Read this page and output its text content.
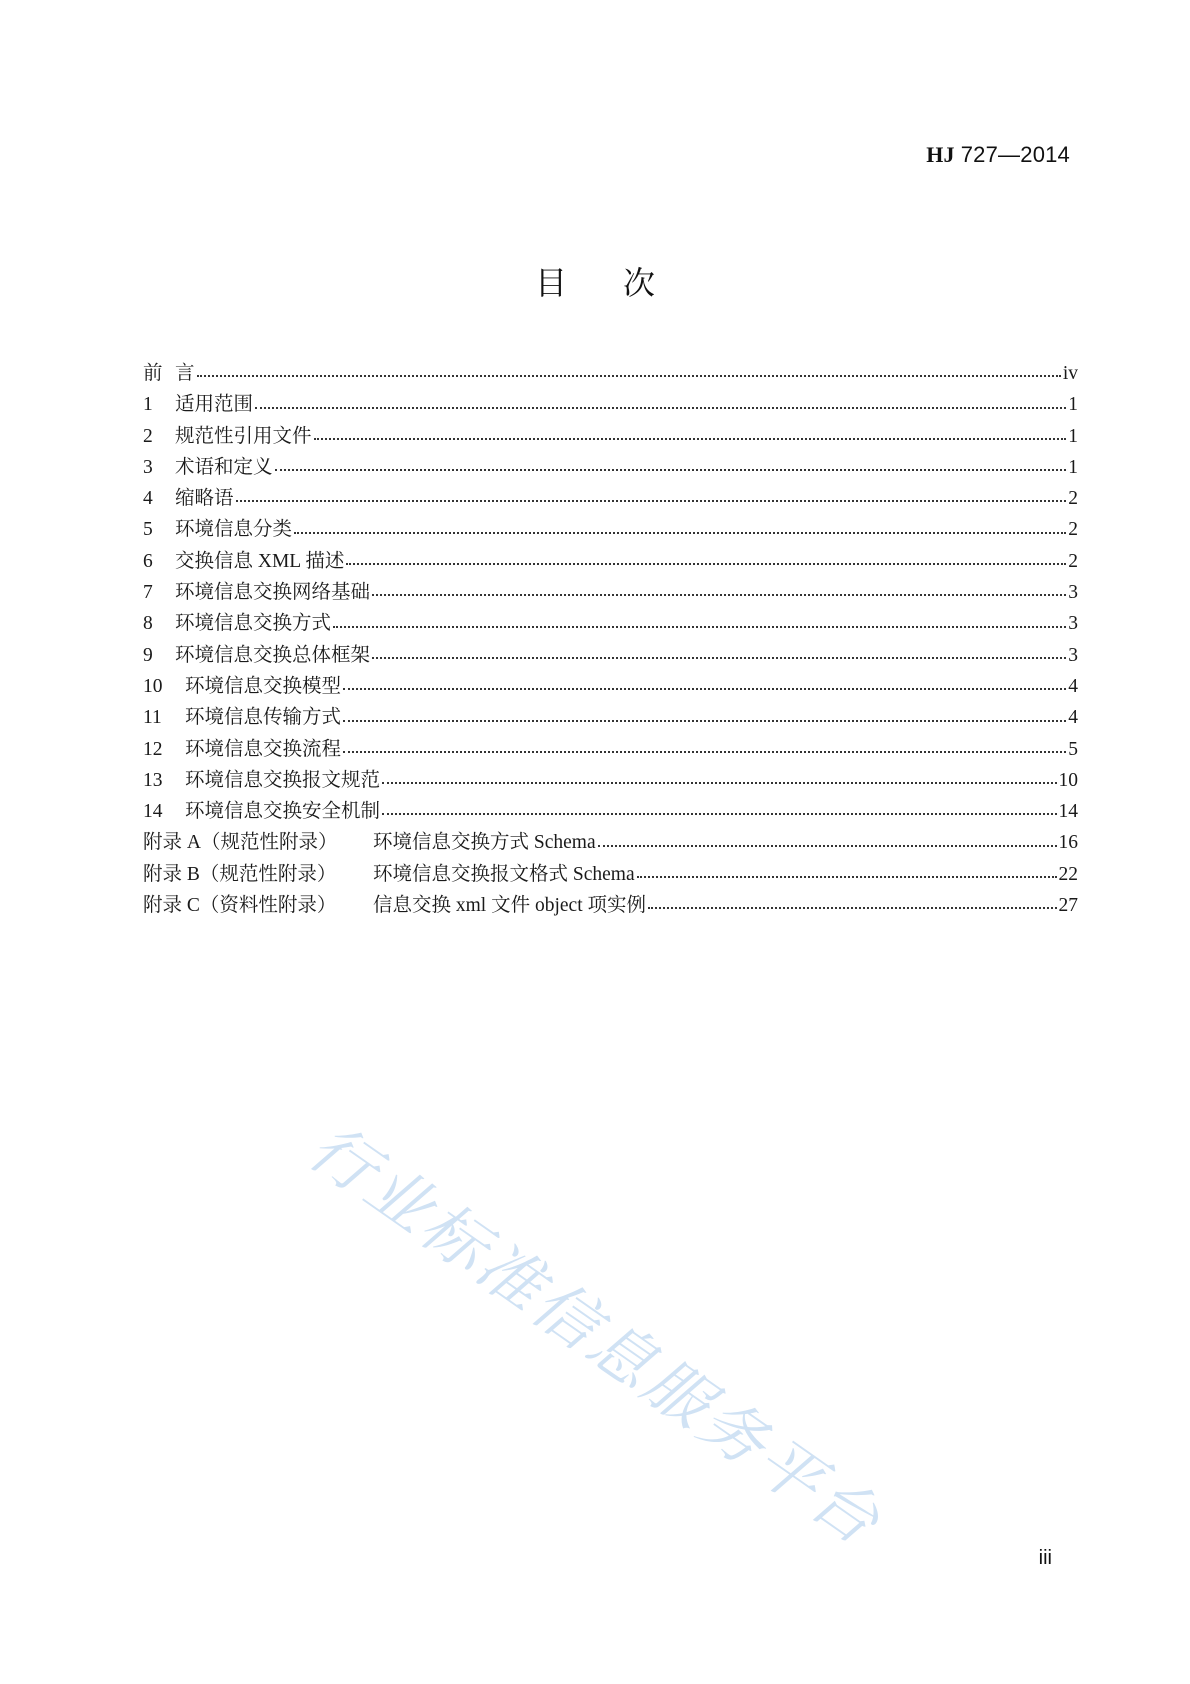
HJ 727—2014
目 次
前 言	iv
1	适用范围	1
2	规范性引用文件	1
3	术语和定义	1
4	缩略语	2
5	环境信息分类	2
6	交换信息 XML 描述	2
7	环境信息交换网络基础	3
8	环境信息交换方式	3
9	环境信息交换总体框架	3
10	环境信息交换模型	4
11	环境信息传输方式	4
12	环境信息交换流程	5
13	环境信息交换报文规范	10
14	环境信息交换安全机制	14
附录 A（规范性附录）	环境信息交换方式 Schema	16
附录 B（规范性附录）	环境信息交换报文格式 Schema	22
附录 C（资料性附录）	信息交换 xml 文件 object 项实例	27
行业标准信息服务平台	iii
